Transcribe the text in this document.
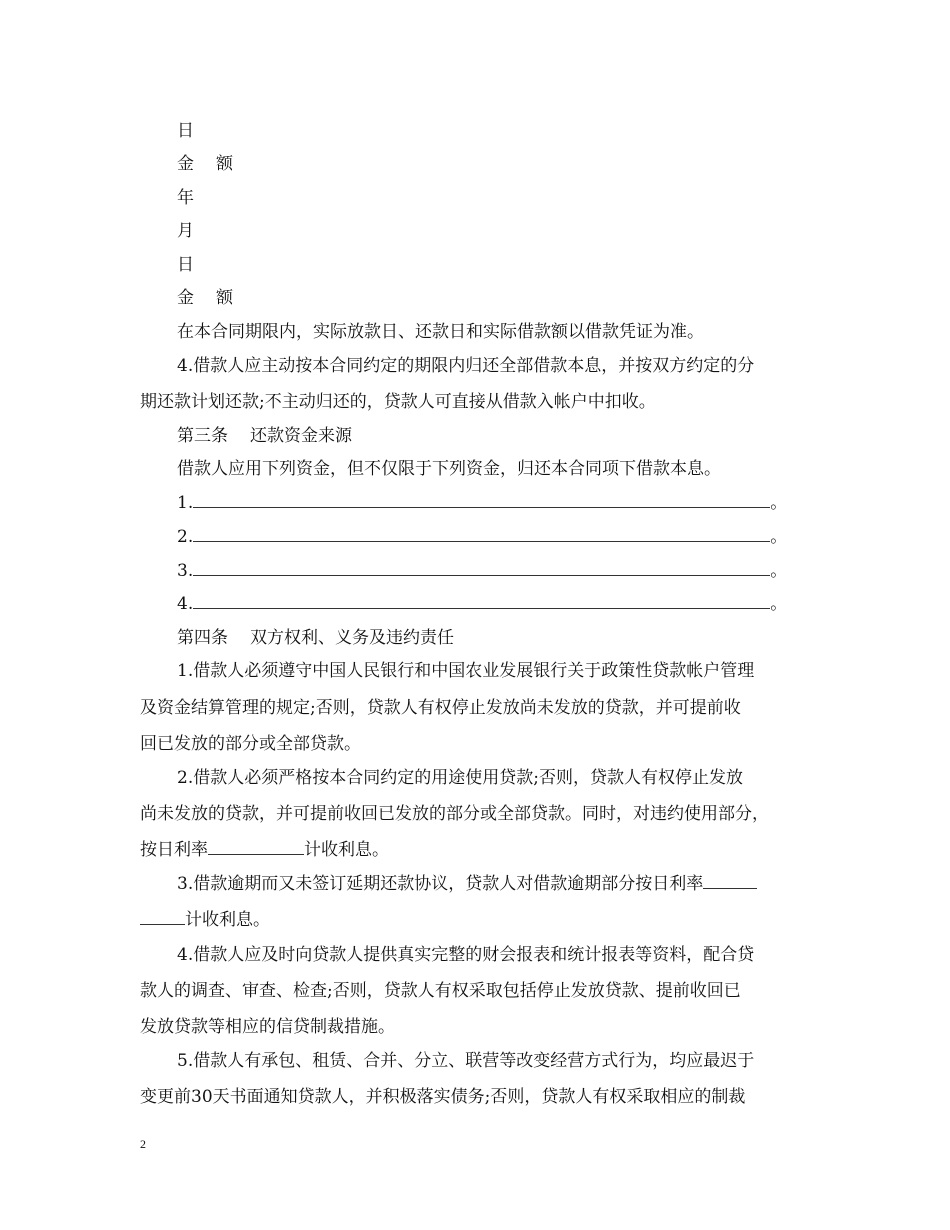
日
金 额
年
月
日
金 额
在本合同期限内，实际放款日、还款日和实际借款额以借款凭证为准。
4.借款人应主动按本合同约定的期限内归还全部借款本息，并按双方约定的分
期还款计划还款;不主动归还的，贷款人可直接从借款入帐户中扣收。
第三条 还款资金来源
借款人应用下列资金，但不仅限于下列资金，归还本合同项下借款本息。
1.	。
2.	。
3.	。
4.	。
第四条 双方权利、义务及违约责任
1.借款人必须遵守中国人民银行和中国农业发展银行关于政策性贷款帐户管理
及资金结算管理的规定;否则，贷款人有权停止发放尚未发放的贷款，并可提前收
回已发放的部分或全部贷款。
2.借款人必须严格按本合同约定的用途使用贷款;否则，贷款人有权停止发放
尚未发放的贷款，并可提前收回已发放的部分或全部贷款。同时，对违约使用部分，
按日利率	计收利息。
3.借款逾期而又未签订延期还款协议，贷款人对借款逾期部分按日利率
计收利息。
4.借款人应及时向贷款人提供真实完整的财会报表和统计报表等资料，配合贷
款人的调查、审查、检查;否则，贷款人有权采取包括停止发放贷款、提前收回已
发放贷款等相应的信贷制裁措施。
5.借款人有承包、租赁、合并、分立、联营等改变经营方式行为，均应最迟于
变更前30天书面通知贷款人，并积极落实债务;否则，贷款人有权采取相应的制裁
2
